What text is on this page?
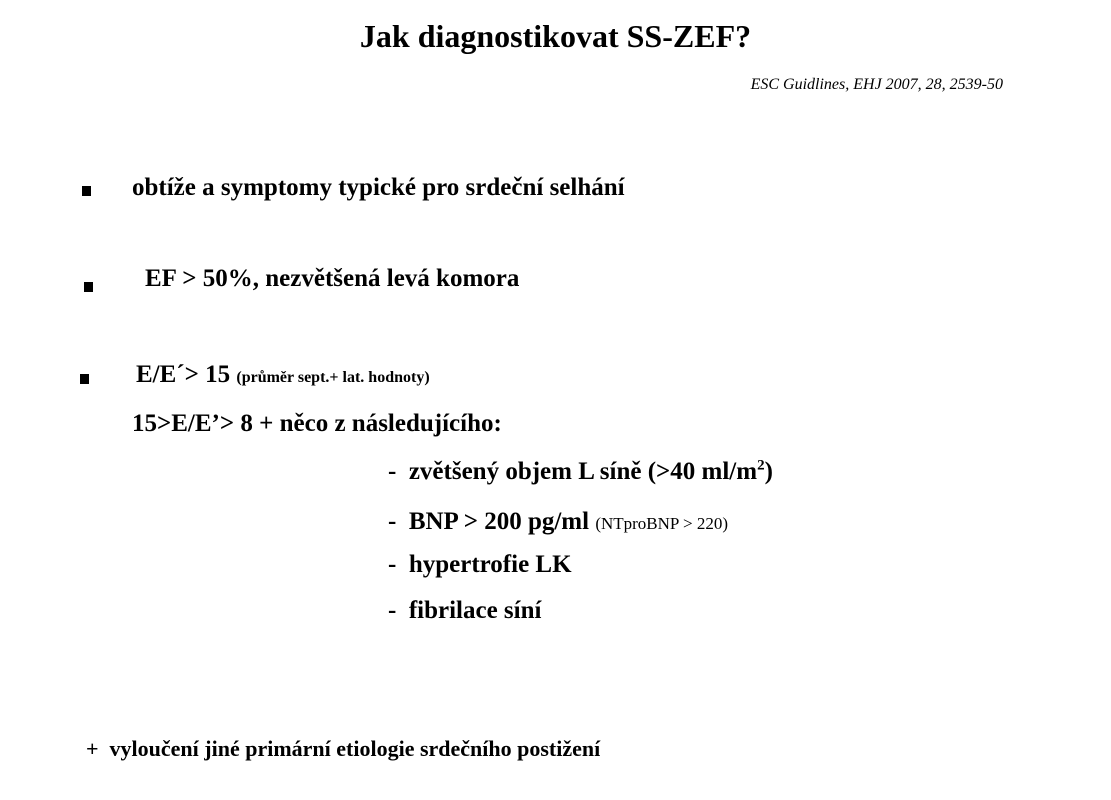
Jak diagnostikovat SS-ZEF?
ESC Guidlines, EHJ 2007, 28, 2539-50
obtíže a symptomy typické pro srdeční selhání
EF > 50%, nezvětšená levá komora
E/E´> 15 (průměr sept.+ lat. hodnoty)
15>E/E’> 8 + něco z následujícího:
- zvětšený objem L síně (>40 $ml/m^2$)
- BNP > 200 pg/ml (NTproBNP > 220)
- hypertrofie LK
- fibrilace síní
+ vyloučení jiné primární etiologie srdečního postižení
